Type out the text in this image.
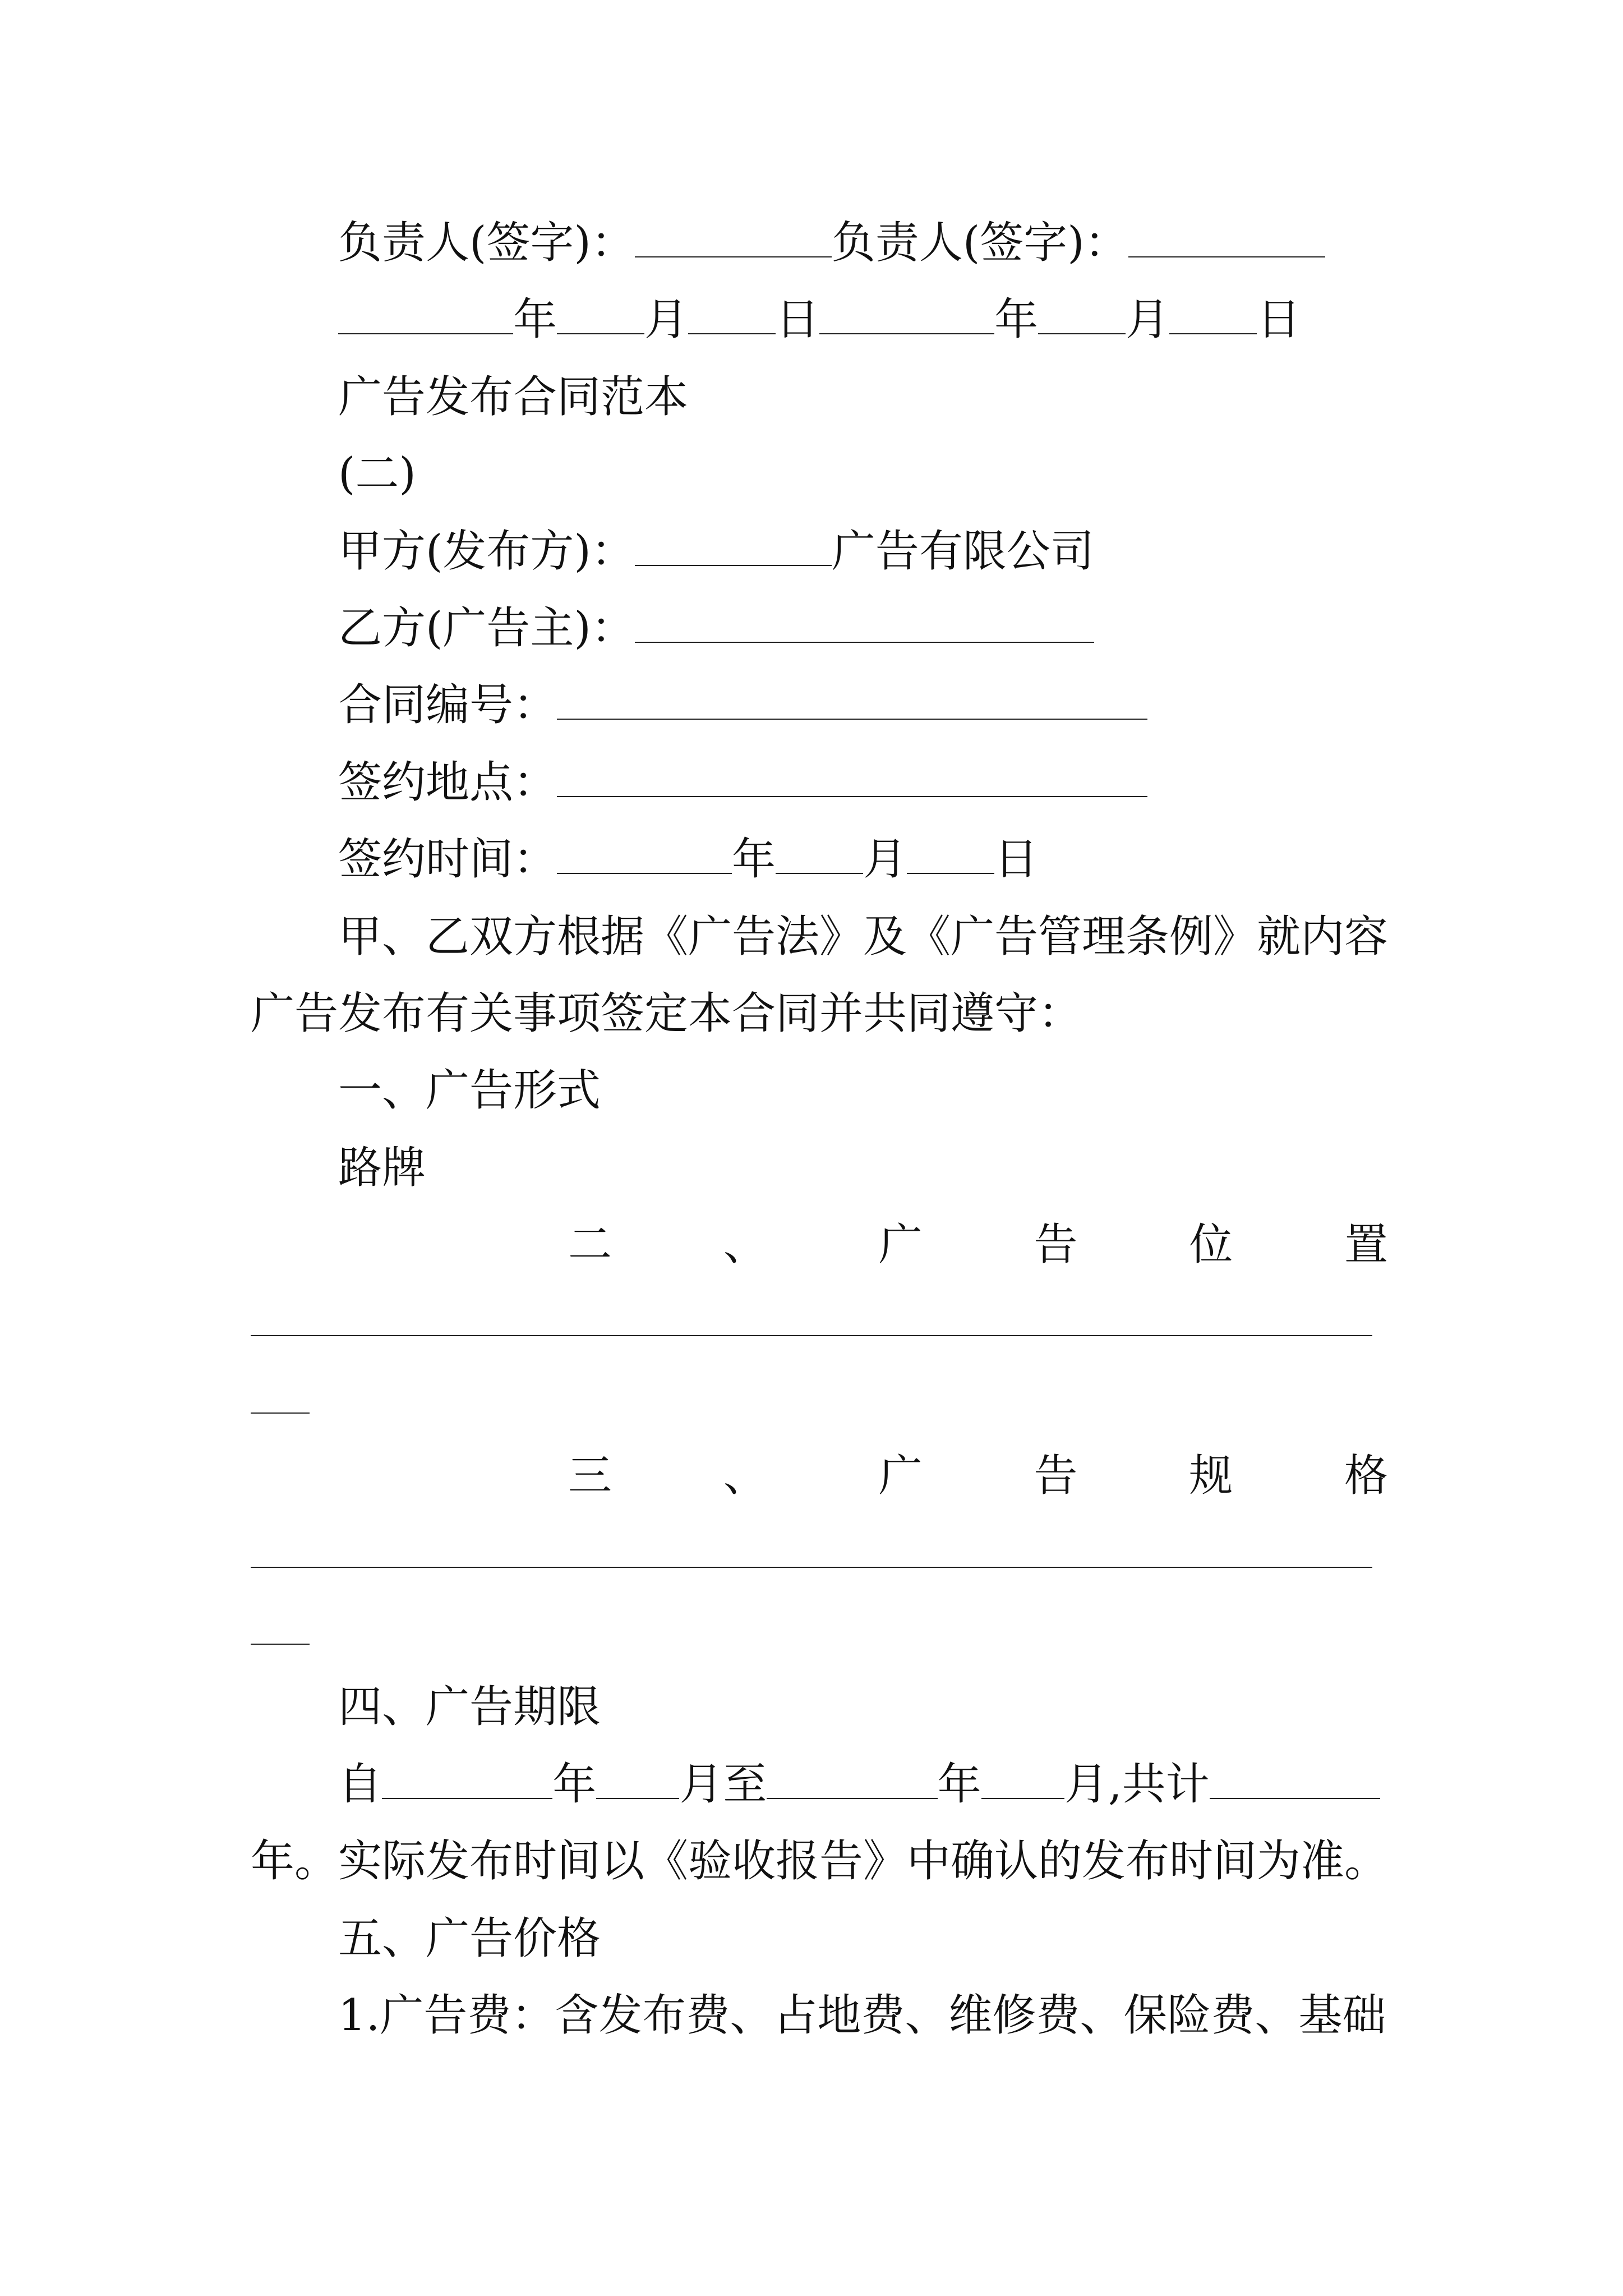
负责人(签字)：	负责人(签字)：
年 月 日	年 月 日
广告发布合同范本
(二)
甲方(发布方)：	广告有限公司
乙方(广告主)：
合同编号：
签约地点：
签约时间：	年 月 日
甲、乙双方根据《广告法》及《广告管理条例》就内容
广告发布有关事项签定本合同并共同遵守：
一、广告形式
路牌
二	、	广	告	位	置
三	、	广	告	规	格
四、广告期限
自	年 月至	年 月,共计
年。实际发布时间以《验收报告》中确认的发布时间为准。
五、广告价格
1.广告费：含发布费、占地费、维修费、保险费、基础
